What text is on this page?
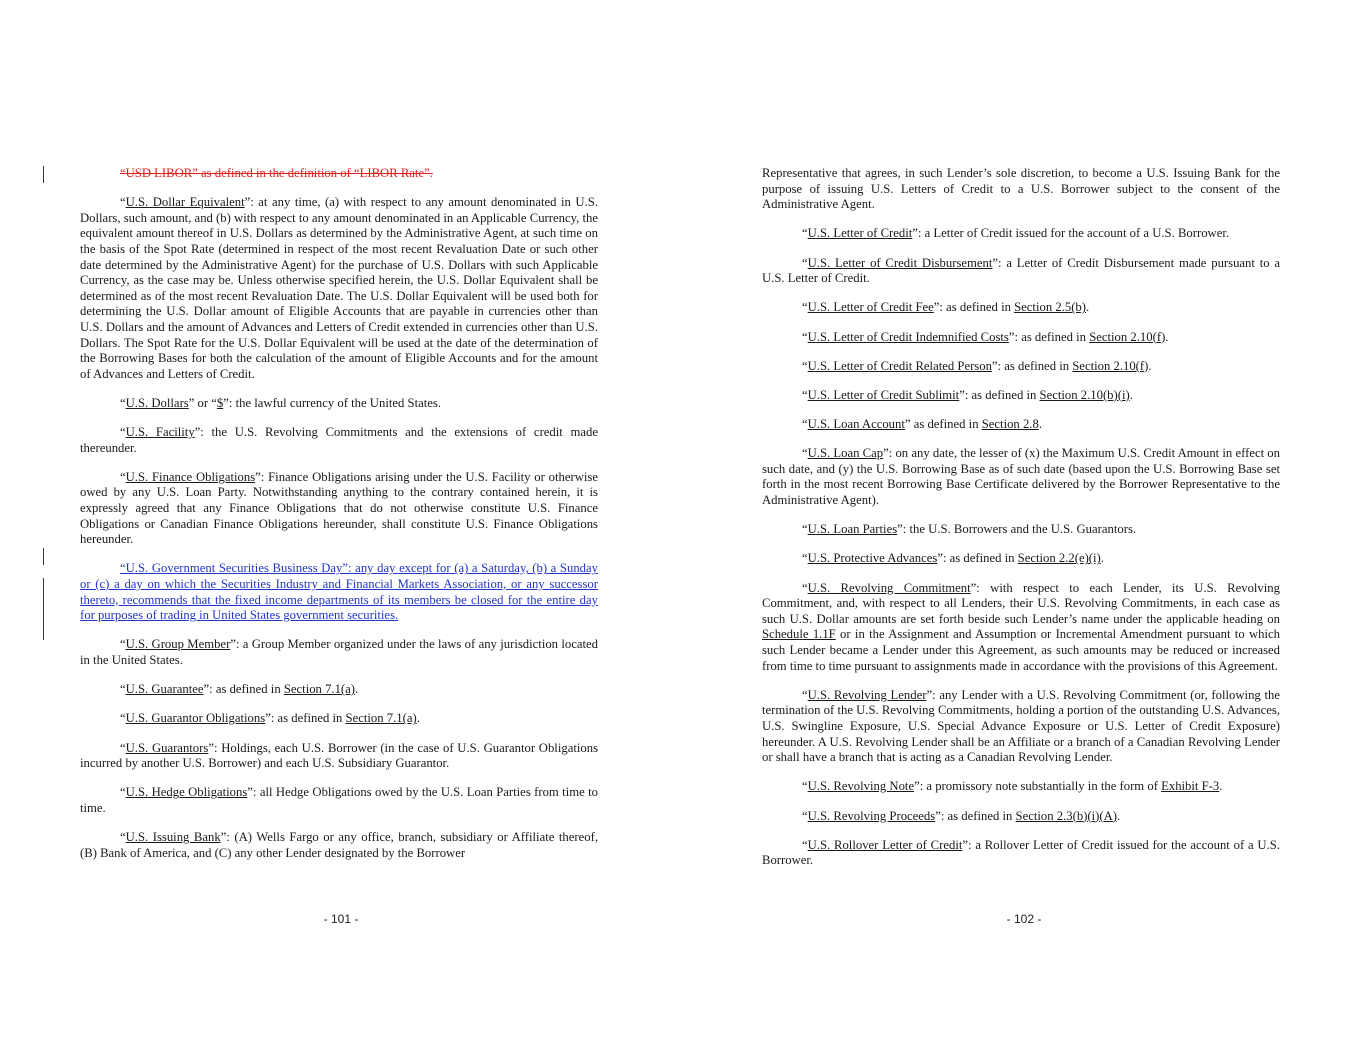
“USD LIBOR” as defined in the definition of “LIBOR Rate”.

“U.S. Dollar Equivalent”: at any time, (a) with respect to any amount denominated in U.S. Dollars, such amount, and (b) with respect to any amount denominated in an Applicable Currency, the equivalent amount thereof in U.S. Dollars as determined by the Administrative Agent, at such time on the basis of the Spot Rate (determined in respect of the most recent Revaluation Date or such other date determined by the Administrative Agent) for the purchase of U.S. Dollars with such Applicable Currency, as the case may be. Unless otherwise specified herein, the U.S. Dollar Equivalent shall be determined as of the most recent Revaluation Date. The U.S. Dollar Equivalent will be used both for determining the U.S. Dollar amount of Eligible Accounts that are payable in currencies other than U.S. Dollars and the amount of Advances and Letters of Credit extended in currencies other than U.S. Dollars. The Spot Rate for the U.S. Dollar Equivalent will be used at the date of the determination of the Borrowing Bases for both the calculation of the amount of Eligible Accounts and for the amount of Advances and Letters of Credit.

“U.S. Dollars” or “$”: the lawful currency of the United States.

“U.S. Facility”: the U.S. Revolving Commitments and the extensions of credit made thereunder.

“U.S. Finance Obligations”: Finance Obligations arising under the U.S. Facility or otherwise owed by any U.S. Loan Party. Notwithstanding anything to the contrary contained herein, it is expressly agreed that any Finance Obligations that do not otherwise constitute U.S. Finance Obligations or Canadian Finance Obligations hereunder, shall constitute U.S. Finance Obligations hereunder.

“U.S. Government Securities Business Day”: any day except for (a) a Saturday, (b) a Sunday or (c) a day on which the Securities Industry and Financial Markets Association, or any successor thereto, recommends that the fixed income departments of its members be closed for the entire day for purposes of trading in United States government securities.

“U.S. Group Member”: a Group Member organized under the laws of any jurisdiction located in the United States.

“U.S. Guarantee”: as defined in Section 7.1(a).

“U.S. Guarantor Obligations”: as defined in Section 7.1(a).

“U.S. Guarantors”: Holdings, each U.S. Borrower (in the case of U.S. Guarantor Obligations incurred by another U.S. Borrower) and each U.S. Subsidiary Guarantor.

“U.S. Hedge Obligations”: all Hedge Obligations owed by the U.S. Loan Parties from time to time.

“U.S. Issuing Bank”: (A) Wells Fargo or any office, branch, subsidiary or Affiliate thereof, (B) Bank of America, and (C) any other Lender designated by the Borrower

- 101 -

Representative that agrees, in such Lender’s sole discretion, to become a U.S. Issuing Bank for the purpose of issuing U.S. Letters of Credit to a U.S. Borrower subject to the consent of the Administrative Agent.

“U.S. Letter of Credit”: a Letter of Credit issued for the account of a U.S. Borrower.

“U.S. Letter of Credit Disbursement”: a Letter of Credit Disbursement made pursuant to a U.S. Letter of Credit.

“U.S. Letter of Credit Fee”: as defined in Section 2.5(b).

“U.S. Letter of Credit Indemnified Costs”: as defined in Section 2.10(f).

“U.S. Letter of Credit Related Person”: as defined in Section 2.10(f).

“U.S. Letter of Credit Sublimit”: as defined in Section 2.10(b)(i).

“U.S. Loan Account” as defined in Section 2.8.

“U.S. Loan Cap”: on any date, the lesser of (x) the Maximum U.S. Credit Amount in effect on such date, and (y) the U.S. Borrowing Base as of such date (based upon the U.S. Borrowing Base set forth in the most recent Borrowing Base Certificate delivered by the Borrower Representative to the Administrative Agent).

“U.S. Loan Parties”: the U.S. Borrowers and the U.S. Guarantors.

“U.S. Protective Advances”: as defined in Section 2.2(e)(i).

“U.S. Revolving Commitment”: with respect to each Lender, its U.S. Revolving Commitment, and, with respect to all Lenders, their U.S. Revolving Commitments, in each case as such U.S. Dollar amounts are set forth beside such Lender’s name under the applicable heading on Schedule 1.1F or in the Assignment and Assumption or Incremental Amendment pursuant to which such Lender became a Lender under this Agreement, as such amounts may be reduced or increased from time to time pursuant to assignments made in accordance with the provisions of this Agreement.

“U.S. Revolving Lender”: any Lender with a U.S. Revolving Commitment (or, following the termination of the U.S. Revolving Commitments, holding a portion of the outstanding U.S. Advances, U.S. Swingline Exposure, U.S. Special Advance Exposure or U.S. Letter of Credit Exposure) hereunder. A U.S. Revolving Lender shall be an Affiliate or a branch of a Canadian Revolving Lender or shall have a branch that is acting as a Canadian Revolving Lender.

“U.S. Revolving Note”: a promissory note substantially in the form of Exhibit F-3.

“U.S. Revolving Proceeds”: as defined in Section 2.3(b)(i)(A).

“U.S. Rollover Letter of Credit”: a Rollover Letter of Credit issued for the account of a U.S. Borrower.

- 102 -
